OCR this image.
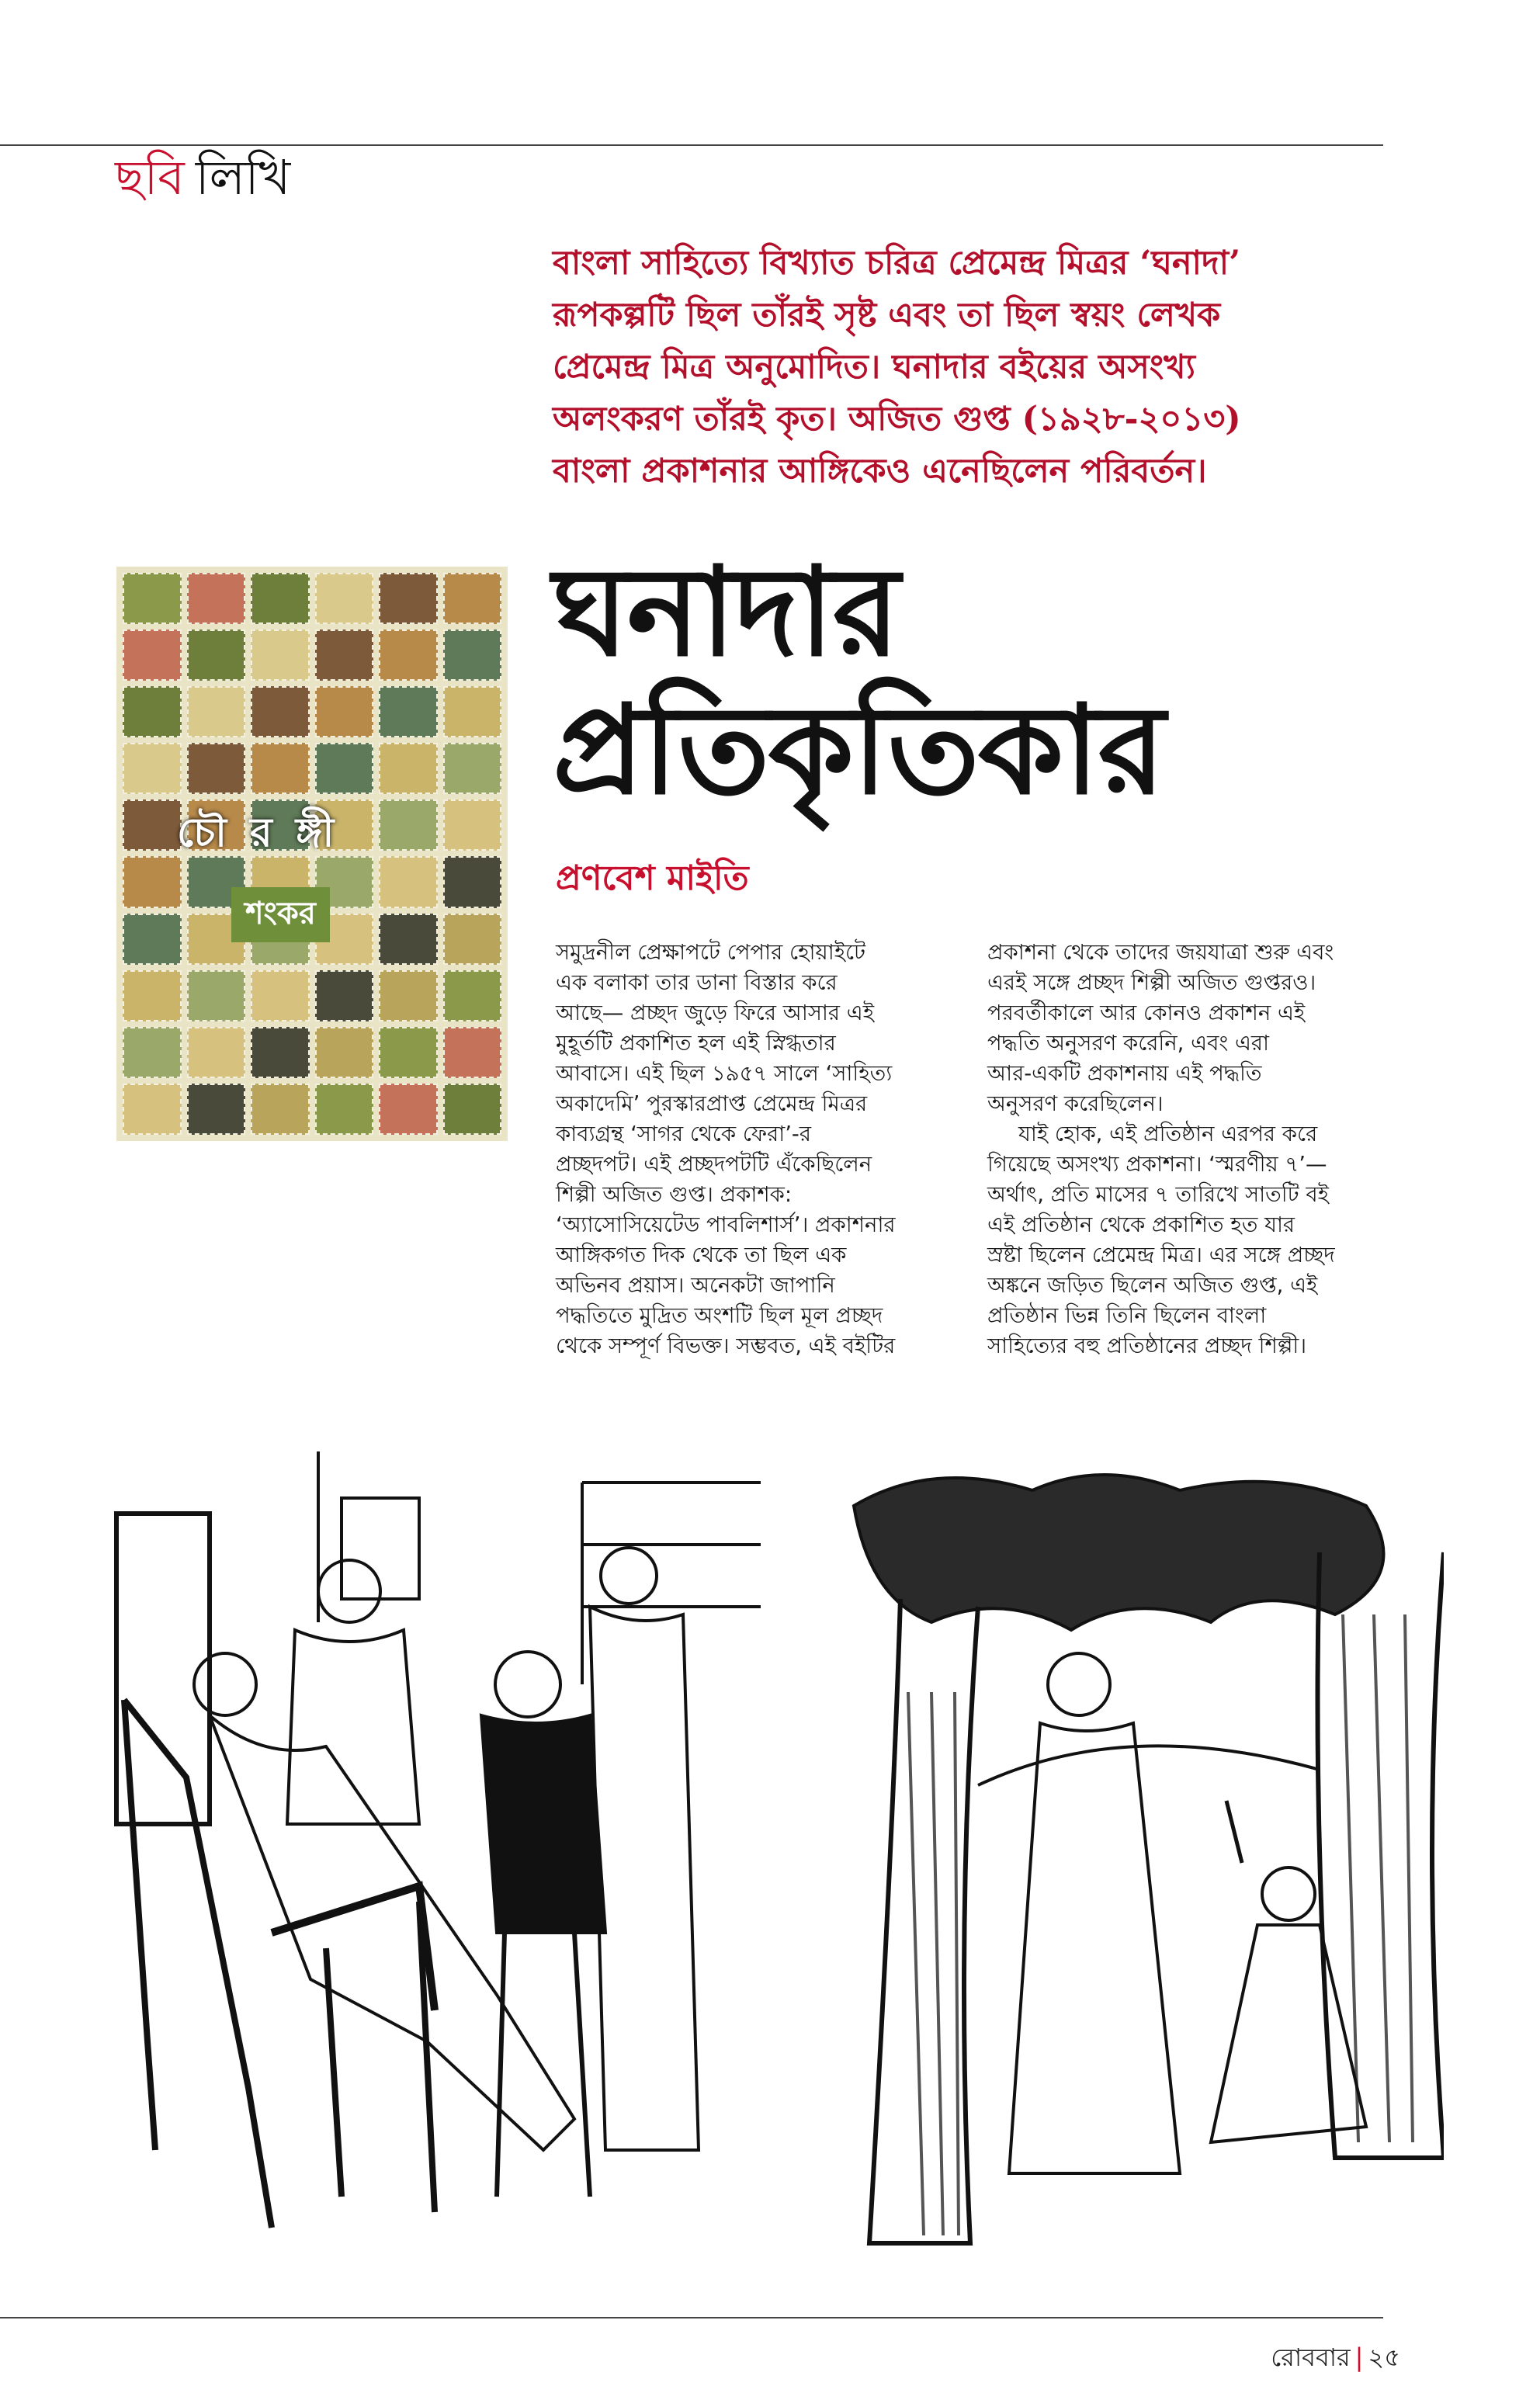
ছবি লিখি
বাংলা সাহিত্যে বিখ্যাত চরিত্র প্রেমেন্দ্র মিত্রর ‘ঘনাদা’
রূপকল্পটি ছিল তাঁরই সৃষ্ট এবং তা ছিল স্বয়ং লেখক
প্রেমেন্দ্র মিত্র অনুমোদিত। ঘনাদার বইয়ের অসংখ্য
অলংকরণ তাঁরই কৃত। অজিত গুপ্ত (১৯২৮-২০১৩)
বাংলা প্রকাশনার আঙ্গিকেও এনেছিলেন পরিবর্তন।
চৌ র ঙ্গী
শংকর
ঘনাদার
প্রতিকৃতিকার
প্রণবেশ মাইতি

সমুদ্রনীল প্রেক্ষাপটে পেপার হোয়াইটে

এক বলাকা তার ডানা বিস্তার করে

আছে— প্রচ্ছদ জুড়ে ফিরে আসার এই

মুহূর্তটি প্রকাশিত হল এই স্নিগ্ধতার

আবাসে। এই ছিল ১৯৫৭ সালে ‘সাহিত্য

অকাদেমি’ পুরস্কারপ্রাপ্ত প্রেমেন্দ্র মিত্রর

কাব্যগ্রন্থ ‘সাগর থেকে ফেরা’-র

প্রচ্ছদপট। এই প্রচ্ছদপটটি এঁকেছিলেন

শিল্পী অজিত গুপ্ত। প্রকাশক:

‘অ্যাসোসিয়েটেড পাবলিশার্স’। প্রকাশনার

আঙ্গিকগত দিক থেকে তা ছিল এক

অভিনব প্রয়াস। অনেকটা জাপানি

পদ্ধতিতে মুদ্রিত অংশটি ছিল মূল প্রচ্ছদ

থেকে সম্পূর্ণ বিভক্ত। সম্ভবত, এই বইটির

প্রকাশনা থেকে তাদের জয়যাত্রা শুরু এবং

এরই সঙ্গে প্রচ্ছদ শিল্পী অজিত গুপ্তরও।

পরবর্তীকালে আর কোনও প্রকাশন এই

পদ্ধতি অনুসরণ করেনি, এবং এরা

আর-একটি প্রকাশনায় এই পদ্ধতি

অনুসরণ করেছিলেন।

যাই হোক, এই প্রতিষ্ঠান এরপর করে

গিয়েছে অসংখ্য প্রকাশনা। ‘স্মরণীয় ৭’—

অর্থাৎ, প্রতি মাসের ৭ তারিখে সাতটি বই

এই প্রতিষ্ঠান থেকে প্রকাশিত হত যার

স্রষ্টা ছিলেন প্রেমেন্দ্র মিত্র। এর সঙ্গে প্রচ্ছদ

অঙ্কনে জড়িত ছিলেন অজিত গুপ্ত, এই

প্রতিষ্ঠান ভিন্ন তিনি ছিলেন বাংলা

সাহিত্যের বহু প্রতিষ্ঠানের প্রচ্ছদ শিল্পী।

রোববার | ২৫
